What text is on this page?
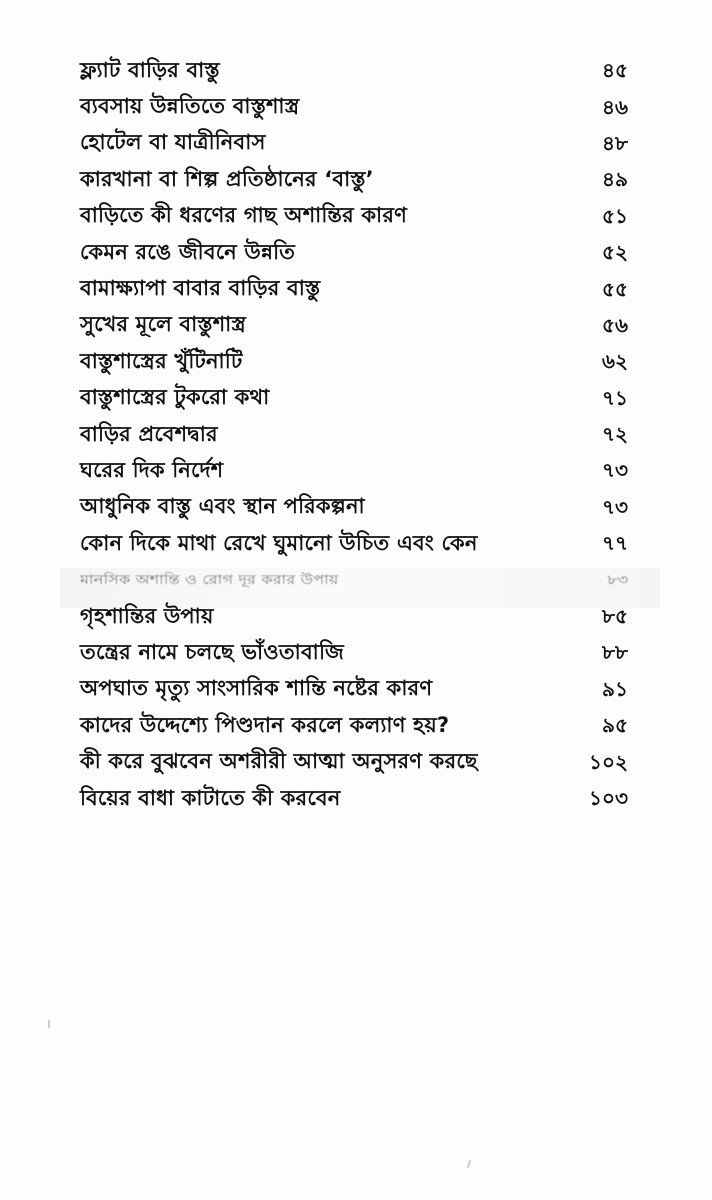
ফ্ল্যাট বাড়ির বাস্তু	৪৫
ব্যবসায় উন্নতিতে বাস্তুশাস্ত্র	৪৬
হোটেল বা যাত্রীনিবাস	৪৮
কারখানা বা শিল্প প্রতিষ্ঠানের ‘বাস্তু’	৪৯
বাড়িতে কী ধরণের গাছ অশান্তির কারণ	৫১
কেমন রঙে জীবনে উন্নতি	৫২
বামাক্ষ্যাপা বাবার বাড়ির বাস্তু	৫৫
সুখের মূলে বাস্তুশাস্ত্র	৫৬
বাস্তুশাস্ত্রের খুঁটিনাটি	৬২
বাস্তুশাস্ত্রের টুকরো কথা	৭১
বাড়ির প্রবেশদ্বার	৭২
ঘরের দিক নির্দেশ	৭৩
আধুনিক বাস্তু এবং স্থান পরিকল্পনা	৭৩
কোন দিকে মাথা রেখে ঘুমানো উচিত এবং কেন	৭৭
মানসিক অশান্তি ও রোগ দূর করার উপায়	৮৩
গৃহশান্তির উপায়	৮৫
তন্ত্রের নামে চলছে ভাঁওতাবাজি	৮৮
অপঘাত মৃত্যু সাংসারিক শান্তি নষ্টের কারণ	৯১
কাদের উদ্দেশ্যে পিণ্ডদান করলে কল্যাণ হয়?	৯৫
কী করে বুঝবেন অশরীরী আত্মা অনুসরণ করছে	১০২
বিয়ের বাধা কাটাতে কী করবেন	১০৩
